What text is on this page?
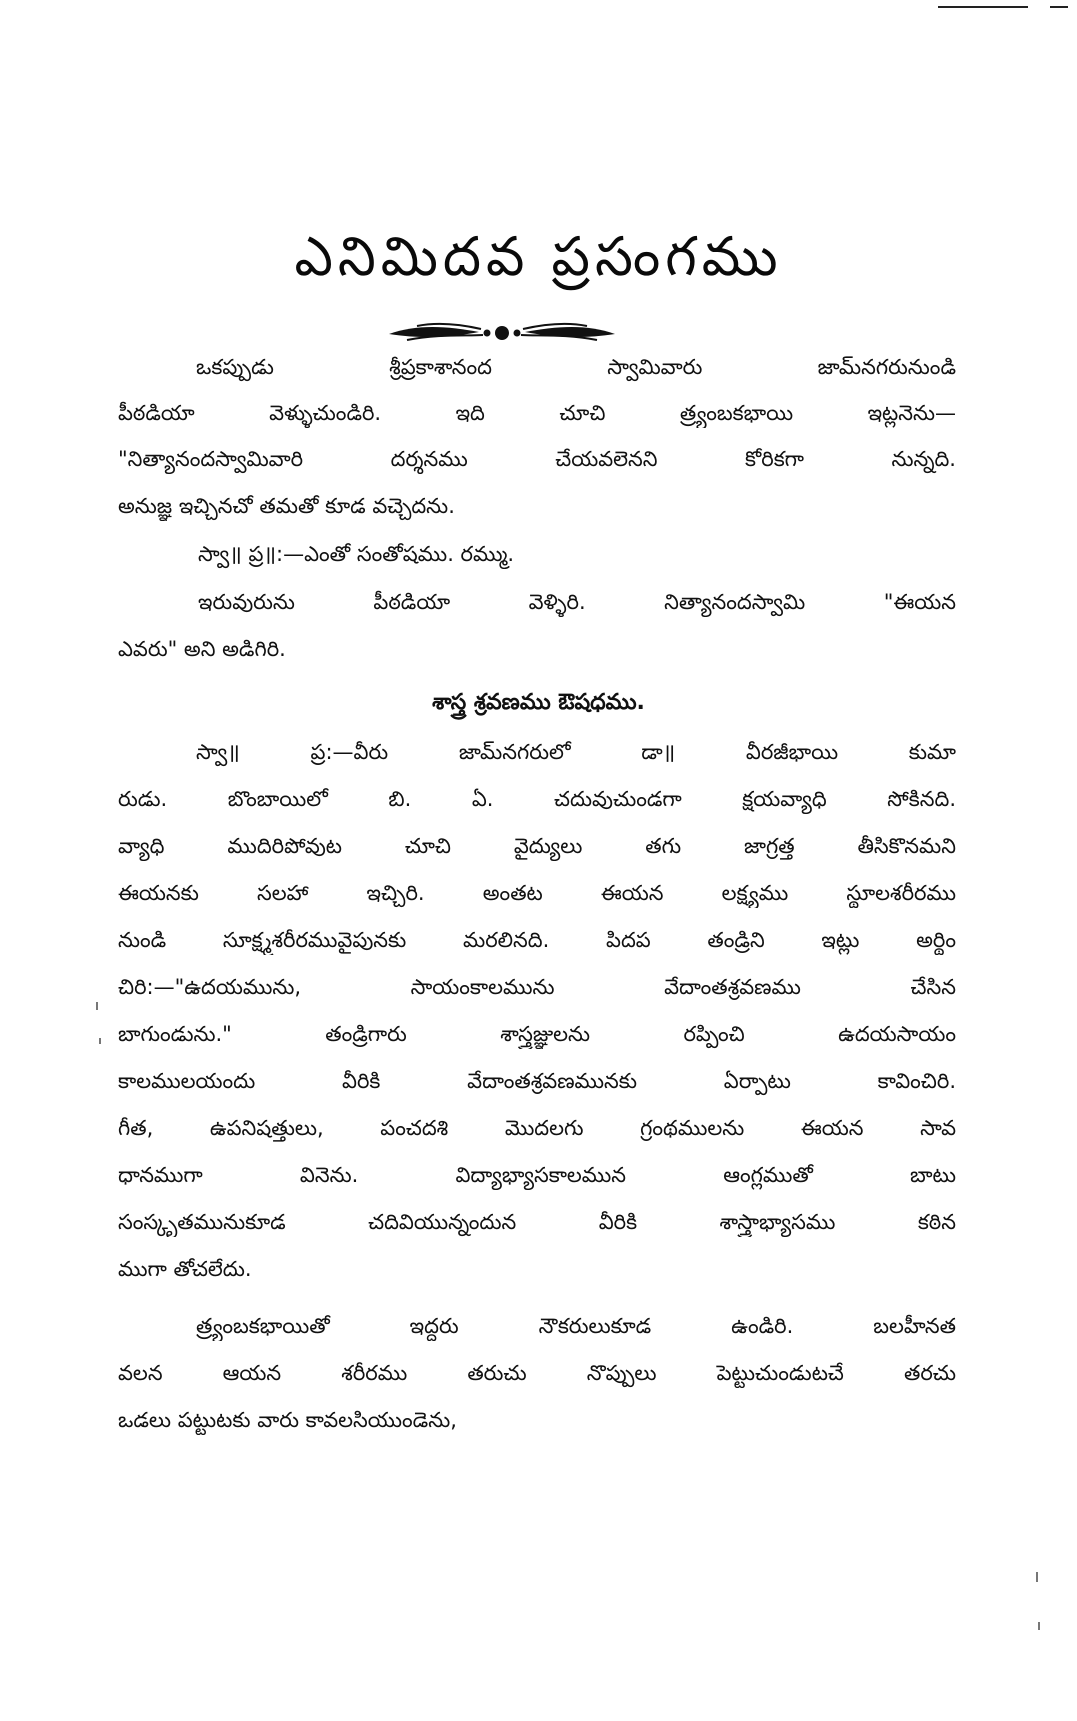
ఎనిమిదవ ప్రసంగము
ఒకప్పుడు శ్రీప్రకాశానంద స్వామివారు జామ్‌నగరునుండి
పీఠడియా వెళ్ళుచుండిరి. ఇది చూచి త్ర్యంబకభాయి ఇట్లనెను—
"నిత్యానందస్వామివారి దర్శనము చేయవలెనని కోరికగా నున్నది.
అనుజ్ఞ ఇచ్చినచో తమతో కూడ వచ్చెదను.
స్వా॥ ప్ర॥:—ఎంతో సంతోషము. రమ్ము.
ఇరువురును పీఠడియా వెళ్ళిరి. నిత్యానందస్వామి "ఈయన
ఎవరు" అని అడిగిరి.
శాస్త్ర శ్రవణము ఔషధము.
స్వా॥ ప్ర:—వీరు జామ్‌నగరులో డా॥ వీరజీభాయి కుమా
రుడు. బొంబాయిలో బి. ఏ. చదువుచుండగా క్షయవ్యాధి సోకినది.
వ్యాధి ముదిరిపోవుట చూచి వైద్యులు తగు జాగ్రత్త తీసికొనమని
ఈయనకు సలహా ఇచ్చిరి. అంతట ఈయన లక్ష్యము స్థూలశరీరము
నుండి సూక్ష్మశరీరమువైపునకు మరలినది. పిదప తండ్రిని ఇట్లు అర్థిం
చిరి:—"ఉదయమును, సాయంకాలమును వేదాంతశ్రవణము చేసిన
బాగుండును." తండ్రిగారు శాస్త్రజ్ఞులను రప్పించి ఉదయసాయం
కాలములయందు వీరికి వేదాంతశ్రవణమునకు ఏర్పాటు కావించిరి.
గీత, ఉపనిషత్తులు, పంచదశి మొదలగు గ్రంథములను ఈయన సావ
ధానముగా వినెను. విద్యాభ్యాసకాలమున ఆంగ్లముతో బాటు
సంస్కృతమునుకూడ చదివియున్నందున వీరికి శాస్త్రాభ్యాసము కఠిన
ముగా తోచలేదు.
త్ర్యంబకభాయితో ఇద్దరు నౌకరులుకూడ ఉండిరి. బలహీనత
వలన ఆయన శరీరము తరుచు నొప్పులు పెట్టుచుండుటచే తరచు
ఒడలు పట్టుటకు వారు కావలసియుండెను,
